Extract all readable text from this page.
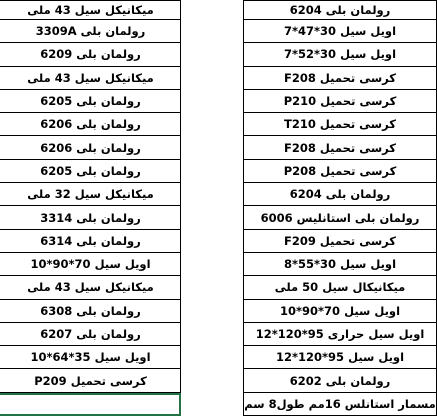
میکانیکل سیل 43 ملی
رولمان بلی 3309A
رولمان بلی 6209
میکانیکل سیل 43 ملی
رولمان بلی 6205
رولمان بلی 6206
رولمان بلی 6206
رولمان بلی 6205
میکانیکل سیل 32 ملی
رولمان بلی 3314
رولمان بلی 6314
اویل سیل 70*90*10
میکانیکل سیل 43 ملی
رولمان بلی 6308
رولمان بلی 6207
اویل سیل 35*64*10
کرسی تحمیل P209
رولمان بلی 6204
اویل سیل 30*47*7
اویل سیل 30*52*7
کرسی تحمیل F208
کرسی تحمیل P210
کرسی تحمیل T210
کرسی تحمیل F208
کرسی تحمیل P208
رولمان بلی 6204
رولمان بلی استانلیس 6006
کرسی تحمیل F209
اویل سیل 30*55*8
میکانیکال سیل 50 ملی
اویل سیل 70*90*10
اویل سیل حراری 95*120*12
اویل سیل 95*120*12
رولمان بلی 6202
مسمار استانلس 16مم طول8 سم
